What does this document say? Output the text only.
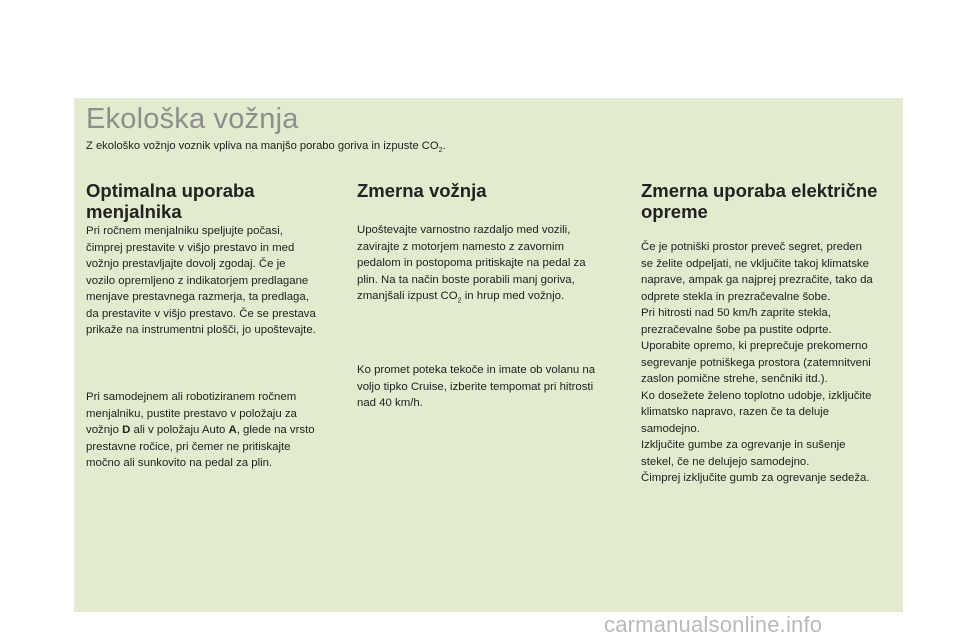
Ekološka vožnja

Z ekološko vožnjo voznik vpliva na manjšo porabo goriva in izpuste $CO_2$.

Optimalna uporaba
menjalnika

Pri ročnem menjalniku speljujte počasi,
čimprej prestavite v višjo prestavo in med
vožnjo prestavljajte dovolj zgodaj. Če je
vozilo opremljeno z indikatorjem predlagane
menjave prestavnega razmerja, ta predlaga,
da prestavite v višjo prestavo. Če se prestava
prikaže na instrumentni plošči, jo upoštevajte.

Pri samodejnem ali robotiziranem ročnem
menjalniku, pustite prestavo v položaju za
vožnjo D ali v položaju Auto A, glede na vrsto
prestavne ročice, pri čemer ne pritiskajte
močno ali sunkovito na pedal za plin.

Zmerna vožnja

Upoštevajte varnostno razdaljo med vozili,
zavirajte z motorjem namesto z zavornim
pedalom in postopoma pritiskajte na pedal za
plin. Na ta način boste porabili manj goriva,
zmanjšali izpust $CO_2$ in hrup med vožnjo.

Ko promet poteka tekoče in imate ob volanu na
voljo tipko Cruise, izberite tempomat pri hitrosti
nad 40 km/h.

Zmerna uporaba električne
opreme

Če je potniški prostor preveč segret, preden
se želite odpeljati, ne vključite takoj klimatske
naprave, ampak ga najprej prezračite, tako da
odprete stekla in prezračevalne šobe.
Pri hitrosti nad 50 km/h zaprite stekla,
prezračevalne šobe pa pustite odprte.
Uporabite opremo, ki preprečuje prekomerno
segrevanje potniškega prostora (zatemnitveni
zaslon pomične strehe, senčniki itd.).
Ko dosežete želeno toplotno udobje, izključite
klimatsko napravo, razen če ta deluje
samodejno.
Izključite gumbe za ogrevanje in sušenje
stekel, če ne delujejo samodejno.
Čimprej izključite gumb za ogrevanje sedeža.

carmanualsonline.info
